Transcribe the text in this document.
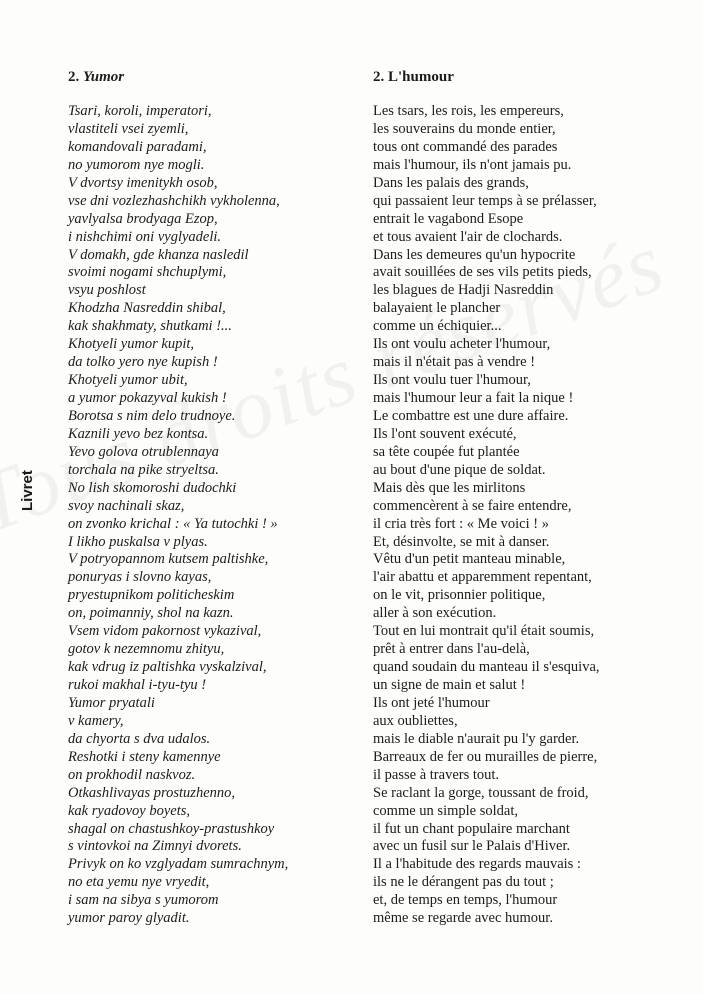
Livret
2. Yumor
Tsari, koroli, imperatori,
vlastiteli vsei zyemli,
komandovali paradami,
no yumorom nye mogli.
V dvortsy imenitykh osob,
vse dni vozlezhashchikh vykholenna,
yavlyalsa brodyaga Ezop,
i nishchimi oni vyglyadeli.
V domakh, gde khanza nasledil
svoimi nogami shchuplymi,
vsyu poshlost
Khodzha Nasreddin shibal,
kak shakhmaty, shutkami !...
Khotyeli yumor kupit,
da tolko yero nye kupish !
Khotyeli yumor ubit,
a yumor pokazyval kukish !
Borotsa s nim delo trudnoye.
Kaznili yevo bez kontsa.
Yevo golova otrublennaya
torchala na pike stryeltsa.
No lish skomoroshi dudochki
svoy nachinali skaz,
on zvonko krichal : « Ya tutochki ! »
I likho puskalsa v plyas.
V potryopannom kutsem paltishke,
ponuryas i slovno kayas,
pryestupnikom politicheskim
on, poimanniy, shol na kazn.
Vsem vidom pakornost vykazival,
gotov k nezemnomu zhityu,
kak vdrug iz paltishka vyskalzival,
rukoi makhal i-tyu-tyu !
Yumor pryatali
v kamery,
da chyorta s dva udalos.
Reshotki i steny kamennye
on prokhodil naskvoz.
Otkashlivayas prostuzhenno,
kak ryadovoy boyets,
shagal on chastushkoy-prastushkoy
s vintovkoi na Zimnyi dvorets.
Privyk on ko vzglyadam sumrachnym,
no eta yemu nye vryedit,
i sam na sibya s yumorom
yumor paroy glyadit.
2. L'humour
Les tsars, les rois, les empereurs,
les souverains du monde entier,
tous ont commandé des parades
mais l'humour, ils n'ont jamais pu.
Dans les palais des grands,
qui passaient leur temps à se prélasser,
entrait le vagabond Esope
et tous avaient l'air de clochards.
Dans les demeures qu'un hypocrite
avait souillées de ses vils petits pieds,
les blagues de Hadji Nasreddin
balayaient le plancher
comme un échiquier...
Ils ont voulu acheter l'humour,
mais il n'était pas à vendre !
Ils ont voulu tuer l'humour,
mais l'humour leur a fait la nique !
Le combattre est une dure affaire.
Ils l'ont souvent exécuté,
sa tête coupée fut plantée
au bout d'une pique de soldat.
Mais dès que les mirlitons
commencèrent à se faire entendre,
il cria très fort : « Me voici ! »
Et, désinvolte, se mit à danser.
Vêtu d'un petit manteau minable,
l'air abattu et apparemment repentant,
on le vit, prisonnier politique,
aller à son exécution.
Tout en lui montrait qu'il était soumis,
prêt à entrer dans l'au-delà,
quand soudain du manteau il s'esquiva,
un signe de main et salut !
Ils ont jeté l'humour
aux oubliettes,
mais le diable n'aurait pu l'y garder.
Barreaux de fer ou murailles de pierre,
il passe à travers tout.
Se raclant la gorge, toussant de froid,
comme un simple soldat,
il fut un chant populaire marchant
avec un fusil sur le Palais d'Hiver.
Il a l'habitude des regards mauvais :
ils ne le dérangent pas du tout ;
et, de temps en temps, l'humour
même se regarde avec humour.
